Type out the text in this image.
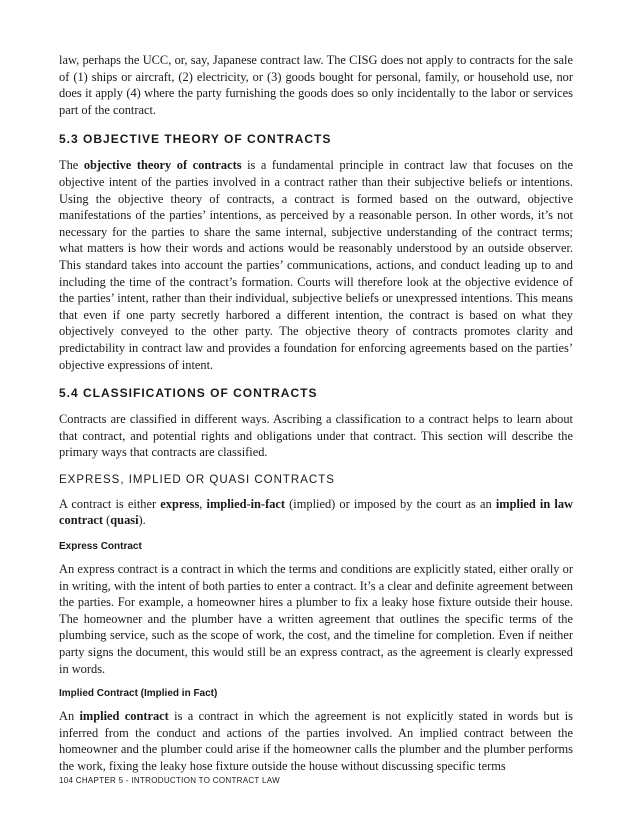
law, perhaps the UCC, or, say, Japanese contract law. The CISG does not apply to contracts for the sale of (1) ships or aircraft, (2) electricity, or (3) goods bought for personal, family, or household use, nor does it apply (4) where the party furnishing the goods does so only incidentally to the labor or services part of the contract.

5.3 OBJECTIVE THEORY OF CONTRACTS

The objective theory of contracts is a fundamental principle in contract law that focuses on the objective intent of the parties involved in a contract rather than their subjective beliefs or intentions. Using the objective theory of contracts, a contract is formed based on the outward, objective manifestations of the parties’ intentions, as perceived by a reasonable person. In other words, it’s not necessary for the parties to share the same internal, subjective understanding of the contract terms; what matters is how their words and actions would be reasonably understood by an outside observer. This standard takes into account the parties’ communications, actions, and conduct leading up to and including the time of the contract’s formation. Courts will therefore look at the objective evidence of the parties’ intent, rather than their individual, subjective beliefs or unexpressed intentions. This means that even if one party secretly harbored a different intention, the contract is based on what they objectively conveyed to the other party. The objective theory of contracts promotes clarity and predictability in contract law and provides a foundation for enforcing agreements based on the parties’ objective expressions of intent.

5.4 CLASSIFICATIONS OF CONTRACTS

Contracts are classified in different ways. Ascribing a classification to a contract helps to learn about that contract, and potential rights and obligations under that contract. This section will describe the primary ways that contracts are classified.

EXPRESS, IMPLIED OR QUASI CONTRACTS

A contract is either express, implied-in-fact (implied) or imposed by the court as an implied in law contract (quasi).

Express Contract

An express contract is a contract in which the terms and conditions are explicitly stated, either orally or in writing, with the intent of both parties to enter a contract. It’s a clear and definite agreement between the parties. For example, a homeowner hires a plumber to fix a leaky hose fixture outside their house. The homeowner and the plumber have a written agreement that outlines the specific terms of the plumbing service, such as the scope of work, the cost, and the timeline for completion. Even if neither party signs the document, this would still be an express contract, as the agreement is clearly expressed in words.

Implied Contract (Implied in Fact)

An implied contract is a contract in which the agreement is not explicitly stated in words but is inferred from the conduct and actions of the parties involved. An implied contract between the homeowner and the plumber could arise if the homeowner calls the plumber and the plumber performs the work, fixing the leaky hose fixture outside the house without discussing specific terms

104 CHAPTER 5 - INTRODUCTION TO CONTRACT LAW
